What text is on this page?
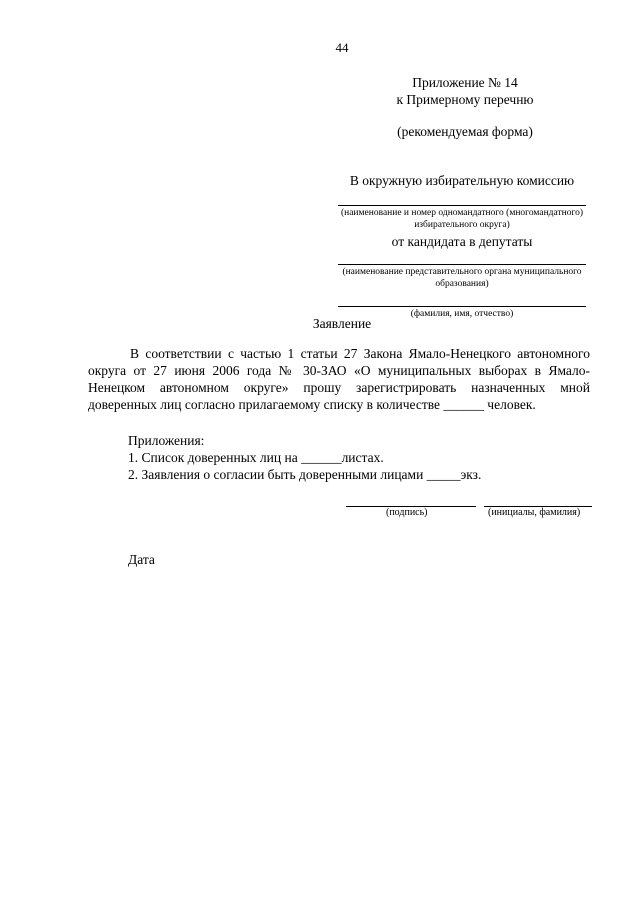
44
Приложение № 14
к Примерному перечню
(рекомендуемая форма)
В окружную избирательную комиссию
(наименование и номер одномандатного (многомандатного) избирательного округа)
от кандидата в депутаты
(наименование представительного органа муниципального образования)
(фамилия, имя, отчество)
Заявление
В соответствии с частью 1 статьи 27 Закона Ямало-Ненецкого автономного округа от 27 июня 2006 года № 30-ЗАО «О муниципальных выборах в Ямало-Ненецком автономном округе» прошу зарегистрировать назначенных мной доверенных лиц согласно прилагаемому списку в количестве ______ человек.
Приложения:
1. Список доверенных лиц на ______листах.
2. Заявления о согласии быть доверенными лицами _____экз.
(подпись)	(инициалы, фамилия)
Дата
